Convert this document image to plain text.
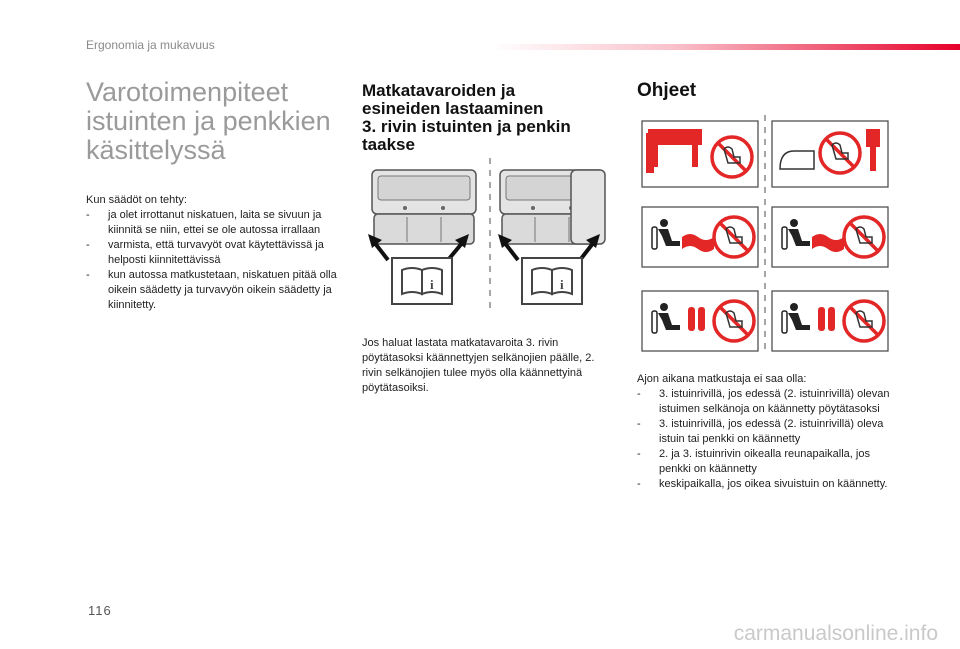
Ergonomia ja mukavuus
Varotoimenpiteet
istuinten ja penkkien
käsittelyssä

Kun säädöt on tehty:

- ja olet irrottanut niskatuen, laita se sivuun ja kiinnitä se niin, ettei se ole autossa irrallaan
- varmista, että turvavyöt ovat käytettävissä ja helposti kiinnitettävissä
- kun autossa matkustetaan, niskatuen pitää olla oikein säädetty ja turvavyön oikein säädetty ja kiinnitetty.
Matkatavaroiden ja
esineiden lastaaminen
3. rivin istuinten ja penkin
taakse
Jos haluat lastata matkatavaroita 3. rivin pöytätasoksi käännettyjen selkänojien päälle, 2. rivin selkänojien tulee myös olla käännettyinä pöytätasoiksi.
Ohjeet

Ajon aikana matkustaja ei saa olla:

- 3. istuinrivillä, jos edessä (2. istuinrivillä) olevan istuimen selkänoja on käännetty pöytätasoksi
- 3. istuinrivillä, jos edessä (2. istuinrivillä) oleva istuin tai penkki on käännetty
- 2. ja 3. istuinrivin oikealla reunapaikalla, jos penkki on käännetty
- keskipaikalla, jos oikea sivuistuin on käännetty.
116
carmanualsonline.info
